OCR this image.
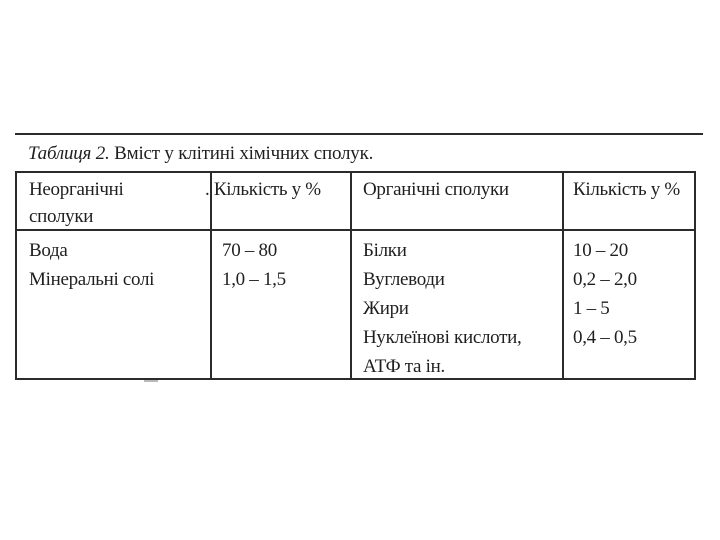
Таблиця 2. Вміст у клітині хімічних сполук.
Неорганічні
сполуки
. Кількість у % Органічні сполуки	Кількість у %
Вода
Мінеральні солі
70 – 80
1,0 – 1,5
Білки
Вуглеводи
Жири
Нуклеїнові кислоти,
АТФ та ін.
10 – 20
0,2 – 2,0
1 – 5
0,4 – 0,5
